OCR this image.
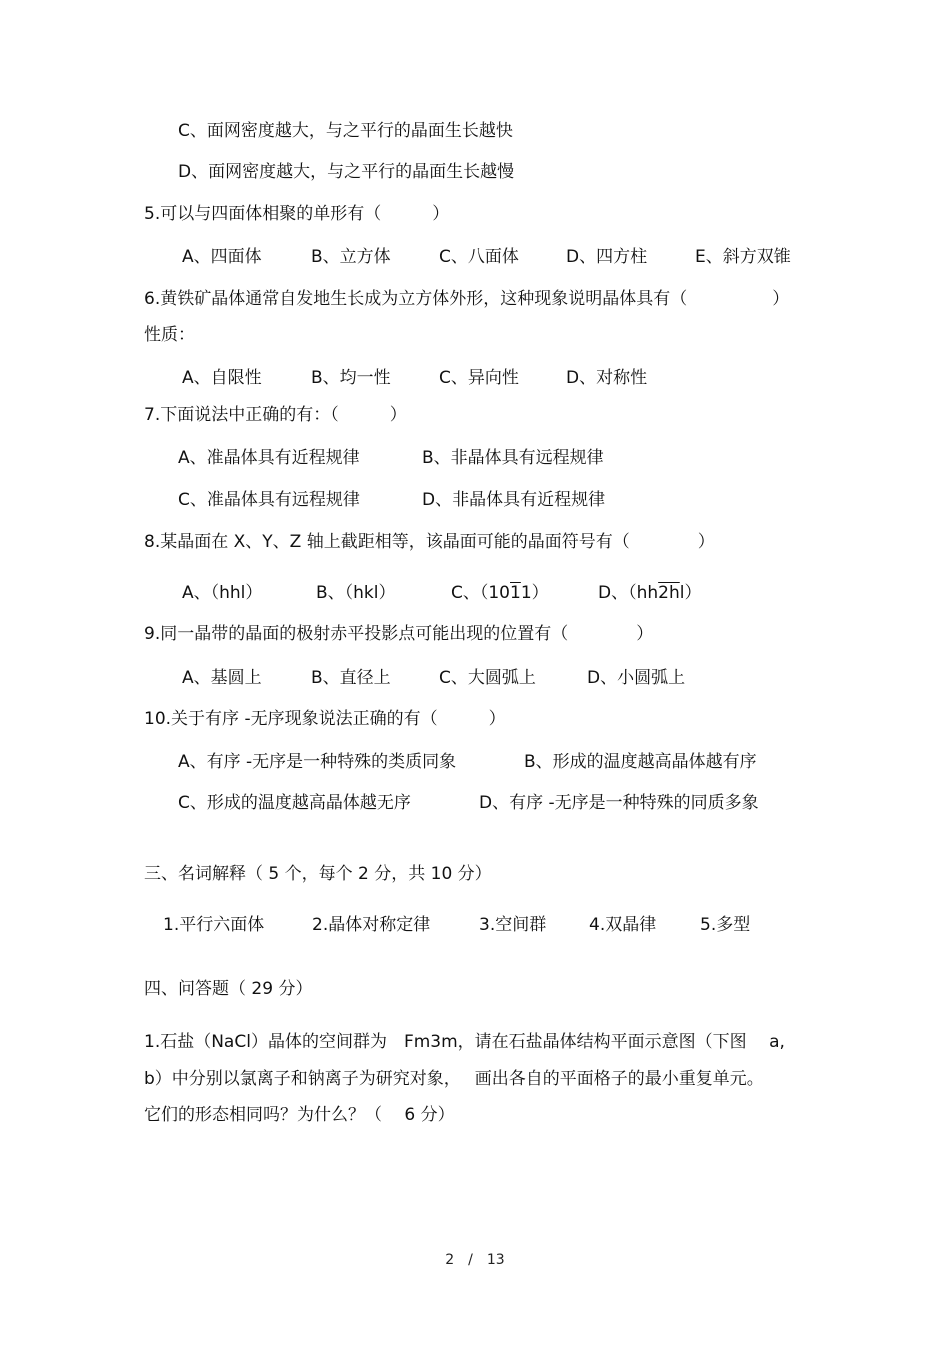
C、面网密度越大，与之平行的晶面生长越快
D、面网密度越大，与之平行的晶面生长越慢
5.可以与四面体相聚的单形有（　　　）
A、四面体	B、立方体	C、八面体	D、四方柱	E、斜方双锥
6.黄铁矿晶体通常自发地生长成为立方体外形，这种现象说明晶体具有（　　　　　）
性质：
A、自限性	B、均一性	C、异向性	D、对称性
7.下面说法中正确的有：（　　　）
A、准晶体具有近程规律	B、非晶体具有远程规律
C、准晶体具有远程规律	D、非晶体具有近程规律
8.某晶面在 X、Y、Z 轴上截距相等，该晶面可能的晶面符号有（　　　　）
A、（hhl）	B、（hkl）	C、（1011）	D、（hh2hl）
9.同一晶带的晶面的极射赤平投影点可能出现的位置有（　　　　）
A、基圆上	B、直径上	C、大圆弧上	D、小圆弧上
10.关于有序 -无序现象说法正确的有（　　　）
A、有序 -无序是一种特殊的类质同象	B、形成的温度越高晶体越有序
C、形成的温度越高晶体越无序	D、有序 -无序是一种特殊的同质多象
三、名词解释（ 5 个，每个 2 分，共 10 分）
1.平行六面体	2.晶体对称定律	3.空间群	4.双晶律	5.多型
四、问答题（ 29 分）
1.石盐（NaCl）晶体的空间群为　Fm3m，请在石盐晶体结构平面示意图（下图　 a,
b）中分别以氯离子和钠离子为研究对象，　 画出各自的平面格子的最小重复单元。
它们的形态相同吗？为什么？（　 6 分）
2　/　13
